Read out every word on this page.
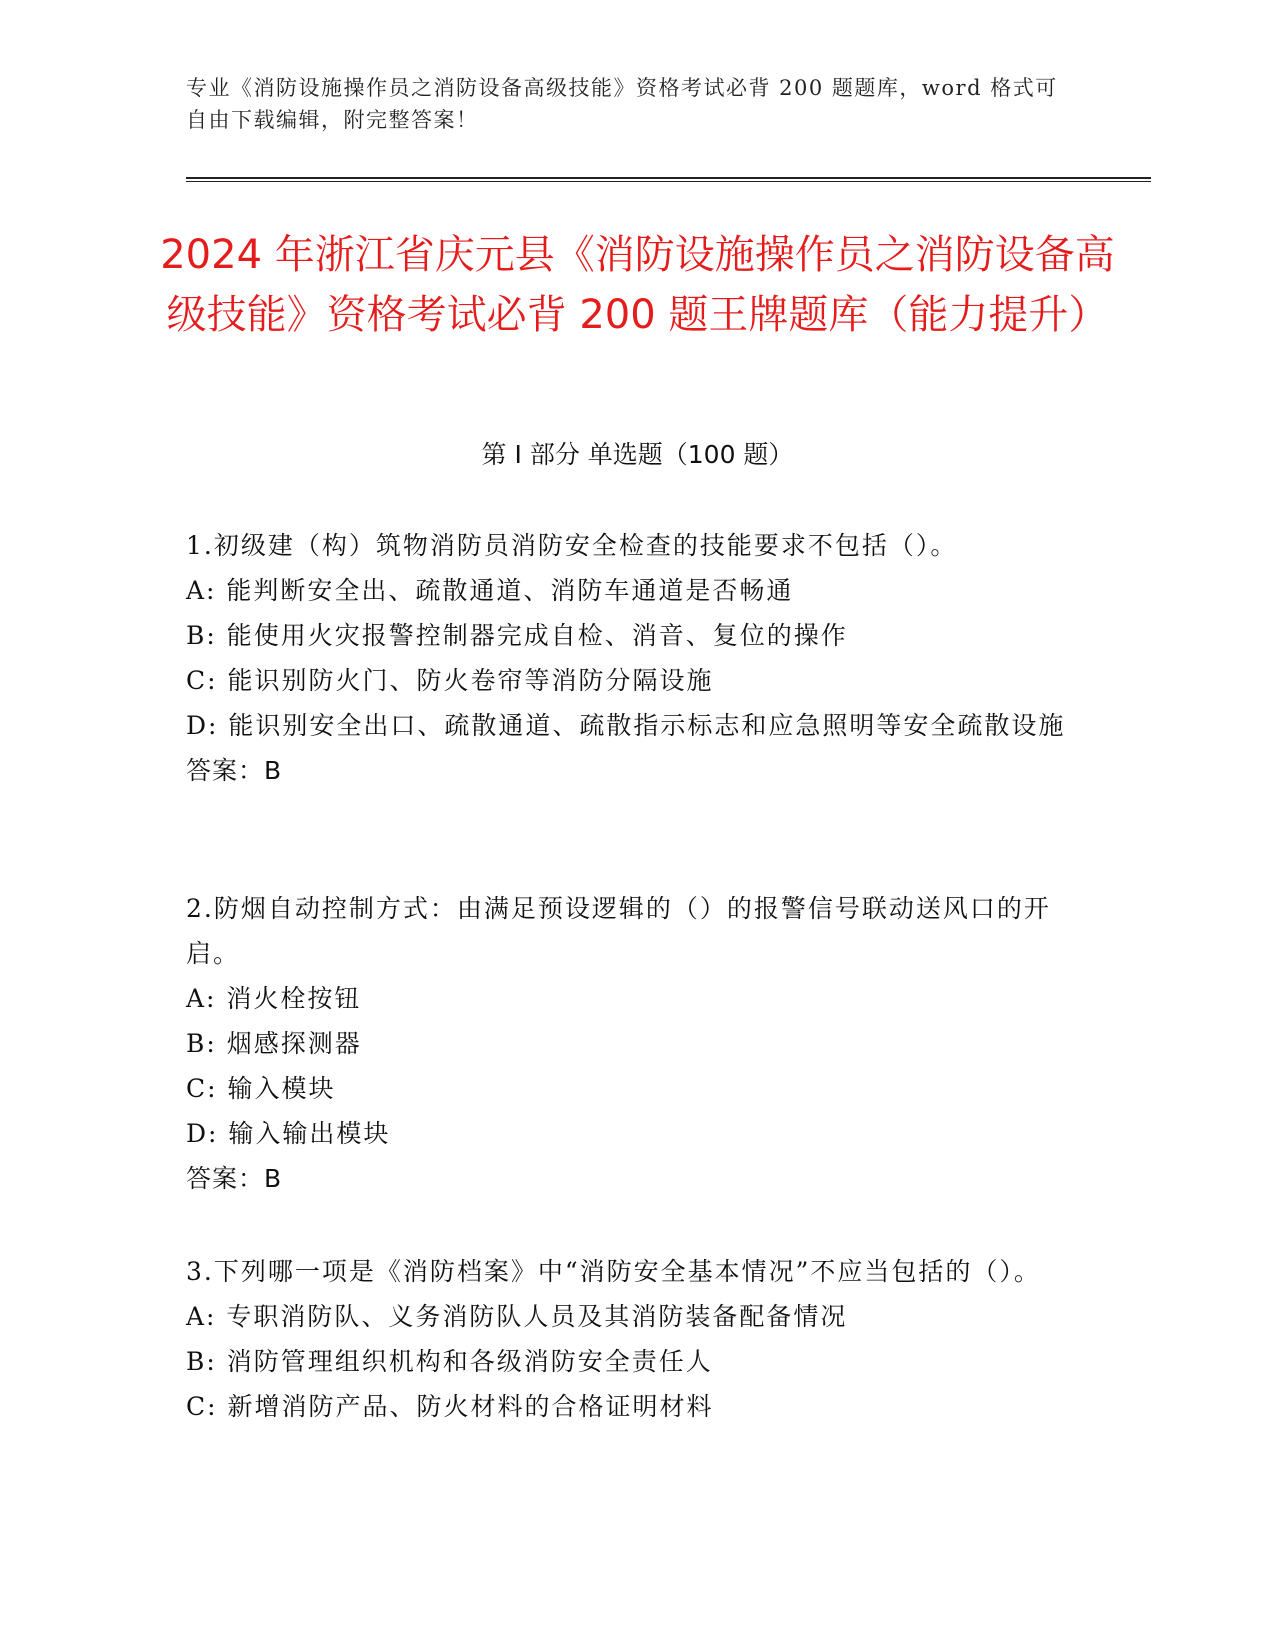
专业《消防设施操作员之消防设备高级技能》资格考试必背 200 题题库，word 格式可自由下载编辑，附完整答案！
2024 年浙江省庆元县《消防设施操作员之消防设备高级技能》资格考试必背 200 题王牌题库（能力提升）
第 I 部分 单选题（100 题）
1.初级建（构）筑物消防员消防安全检查的技能要求不包括（）。
A: 能判断安全出、疏散通道、消防车通道是否畅通
B: 能使用火灾报警控制器完成自检、消音、复位的操作
C: 能识别防火门、防火卷帘等消防分隔设施
D: 能识别安全出口、疏散通道、疏散指示标志和应急照明等安全疏散设施
答案：B
2.防烟自动控制方式：由满足预设逻辑的（）的报警信号联动送风口的开启。
A: 消火栓按钮
B: 烟感探测器
C: 输入模块
D: 输入输出模块
答案：B
3.下列哪一项是《消防档案》中“消防安全基本情况”不应当包括的（）。
A: 专职消防队、义务消防队人员及其消防装备配备情况
B: 消防管理组织机构和各级消防安全责任人
C: 新增消防产品、防火材料的合格证明材料
